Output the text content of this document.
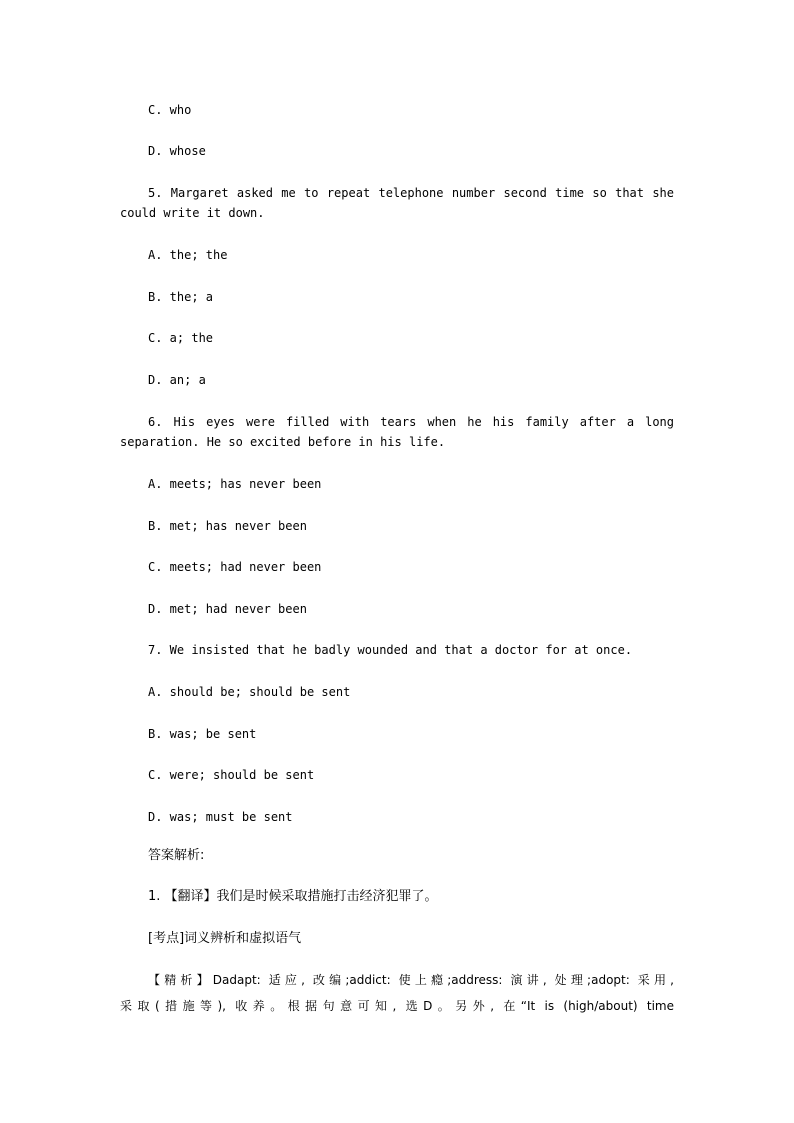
C. who
D. whose
5. Margaret asked me to repeat telephone number second time so that she
could write it down.
A. the; the
B. the; a
C. a; the
D. an; a
6. His eyes were filled with tears when he his family after a long
separation. He so excited before in his life.
A. meets; has never been
B. met; has never been
C. meets; had never been
D. met; had never been
7. We insisted that he badly wounded and that a doctor for at once.
A. should be; should be sent
B. was; be sent
C. were; should be sent
D. was; must be sent
答案解析:
1. 【翻译】我们是时候采取措施打击经济犯罪了。
[考点]词义辨析和虚拟语气
【精析】Dadapt: 适应, 改编;addict: 使上瘾;address: 演讲, 处理;adopt: 采用,
采取(措施等), 收养。根据句意可知, 选D。另外, 在“It is (high/about) time
